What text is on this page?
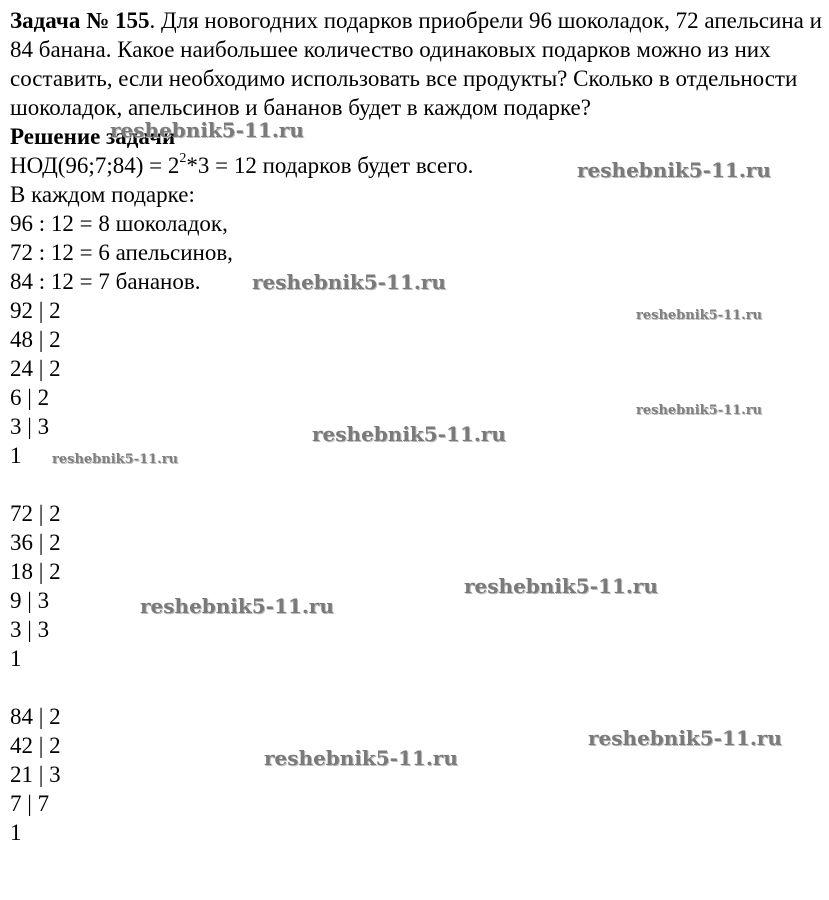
Задача № 155. Для новогодних подарков приобрели 96 шоколадок, 72 апельсина и 84 банана. Какое наибольшее количество одинаковых подарков можно из них составить, если необходимо использовать все продукты? Сколько в отдельности шоколадок, апельсинов и бананов будет в каждом подарке?

Решение задачи

НОД(96;7;84) = $2^2*3 = 12$ подарков будет всего.

В каждом подарке:

96 : 12 = 8 шоколадок,

72 : 12 = 6 апельсинов,

84 : 12 = 7 бананов.

92 | 2

48 | 2

24 | 2

6 | 2

3 | 3

1

72 | 2

36 | 2

18 | 2

9 | 3

3 | 3

1

84 | 2

42 | 2

21 | 3

7 | 7

1

reshebnik5-11.ru
reshebnik5-11.ru
reshebnik5-11.ru
reshebnik5-11.ru
reshebnik5-11.ru
reshebnik5-11.ru
reshebnik5-11.ru
reshebnik5-11.ru
reshebnik5-11.ru
reshebnik5-11.ru
reshebnik5-11.ru
